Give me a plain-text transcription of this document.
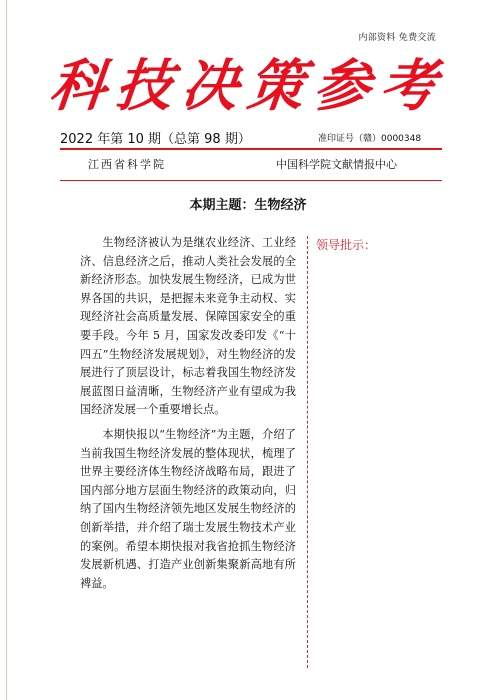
内部资料 免费交流
科技决策参考
2022 年第 10 期（总第 98 期）	准印证号（赣）0000348
江西省科学院	中国科学院文献情报中心
本期主题：生物经济

生物经济被认为是继农业经济、工业经济、信息经济之后，推动人类社会发展的全新经济形态。加快发展生物经济，已成为世界各国的共识，是把握未来竞争主动权、实现经济社会高质量发展、保障国家安全的重要手段。今年 5 月，国家发改委印发《“十四五”生物经济发展规划》，对生物经济的发展进行了顶层设计，标志着我国生物经济发展蓝图日益清晰，生物经济产业有望成为我国经济发展一个重要增长点。

本期快报以“生物经济”为主题，介绍了当前我国生物经济发展的整体现状，梳理了世界主要经济体生物经济战略布局，跟进了国内部分地方层面生物经济的政策动向，归纳了国内生物经济领先地区发展生物经济的创新举措，并介绍了瑞士发展生物技术产业的案例。希望本期快报对我省抢抓生物经济发展新机遇、打造产业创新集聚新高地有所裨益。

领导批示：
